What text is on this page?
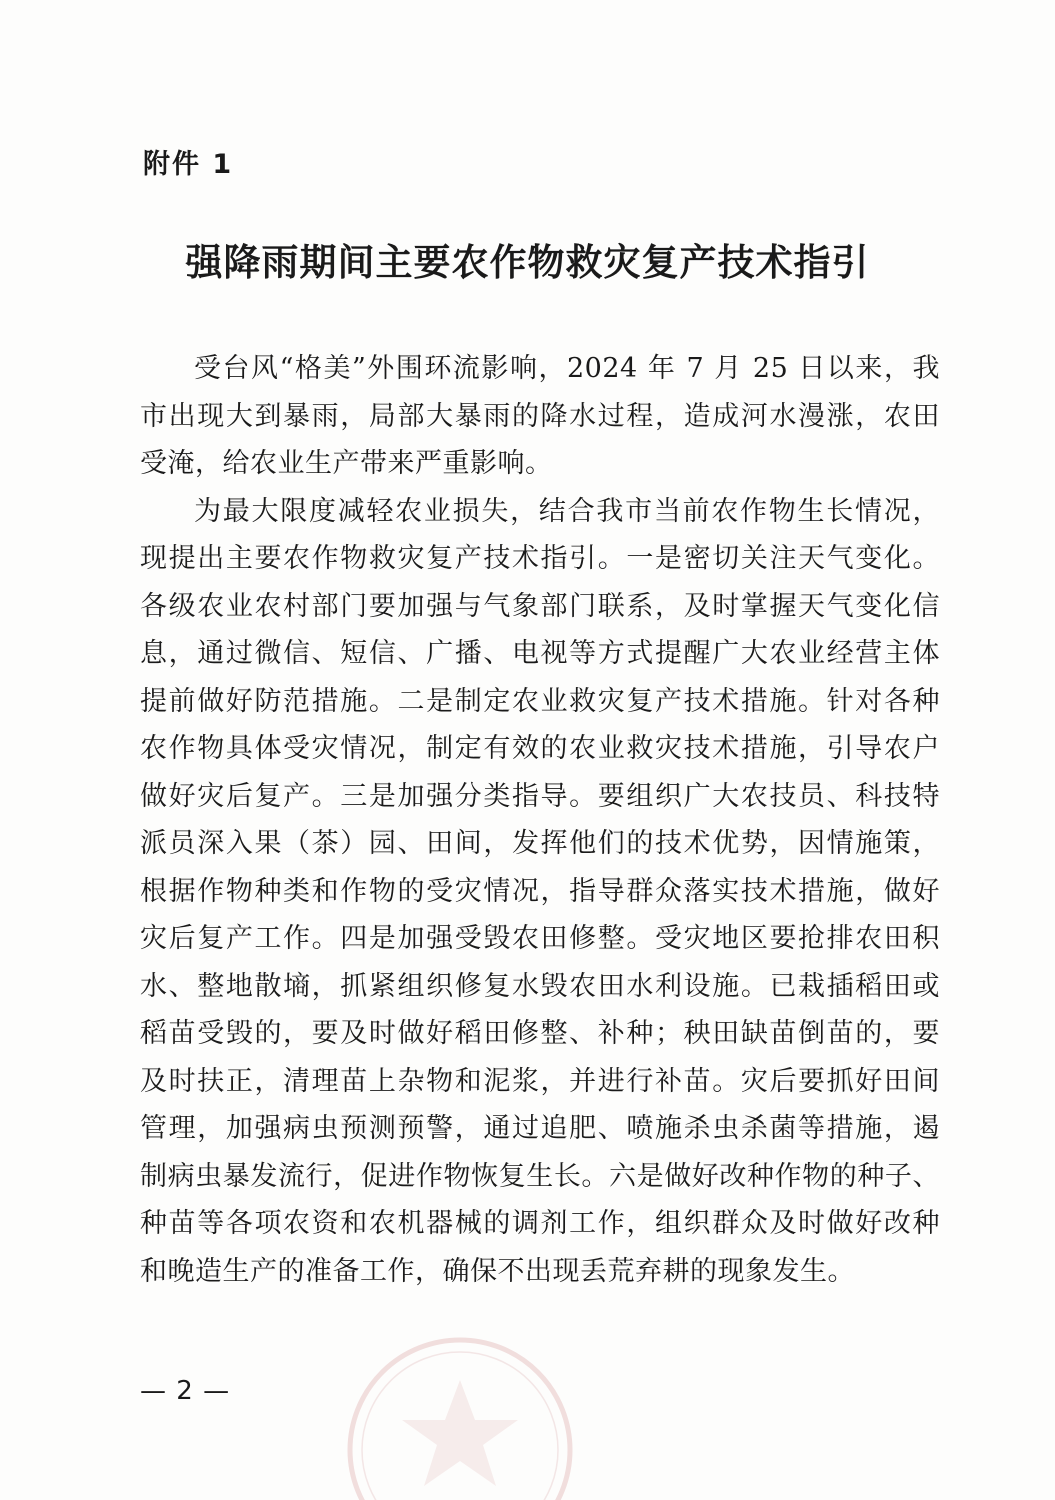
附件 1
强降雨期间主要农作物救灾复产技术指引
受台风“格美”外围环流影响，2024 年 7 月 25 日以来，我
市出现大到暴雨，局部大暴雨的降水过程，造成河水漫涨，农田
受淹，给农业生产带来严重影响。
为最大限度减轻农业损失，结合我市当前农作物生长情况，
现提出主要农作物救灾复产技术指引。一是密切关注天气变化。
各级农业农村部门要加强与气象部门联系，及时掌握天气变化信
息，通过微信、短信、广播、电视等方式提醒广大农业经营主体
提前做好防范措施。二是制定农业救灾复产技术措施。针对各种
农作物具体受灾情况，制定有效的农业救灾技术措施，引导农户
做好灾后复产。三是加强分类指导。要组织广大农技员、科技特
派员深入果（茶）园、田间，发挥他们的技术优势，因情施策，
根据作物种类和作物的受灾情况，指导群众落实技术措施，做好
灾后复产工作。四是加强受毁农田修整。受灾地区要抢排农田积
水、整地散墒，抓紧组织修复水毁农田水利设施。已栽插稻田或
稻苗受毁的，要及时做好稻田修整、补种；秧田缺苗倒苗的，要
及时扶正，清理苗上杂物和泥浆，并进行补苗。灾后要抓好田间
管理，加强病虫预测预警，通过追肥、喷施杀虫杀菌等措施，遏
制病虫暴发流行，促进作物恢复生长。六是做好改种作物的种子、
种苗等各项农资和农机器械的调剂工作，组织群众及时做好改种
和晚造生产的准备工作，确保不出现丢荒弃耕的现象发生。
— 2 —
